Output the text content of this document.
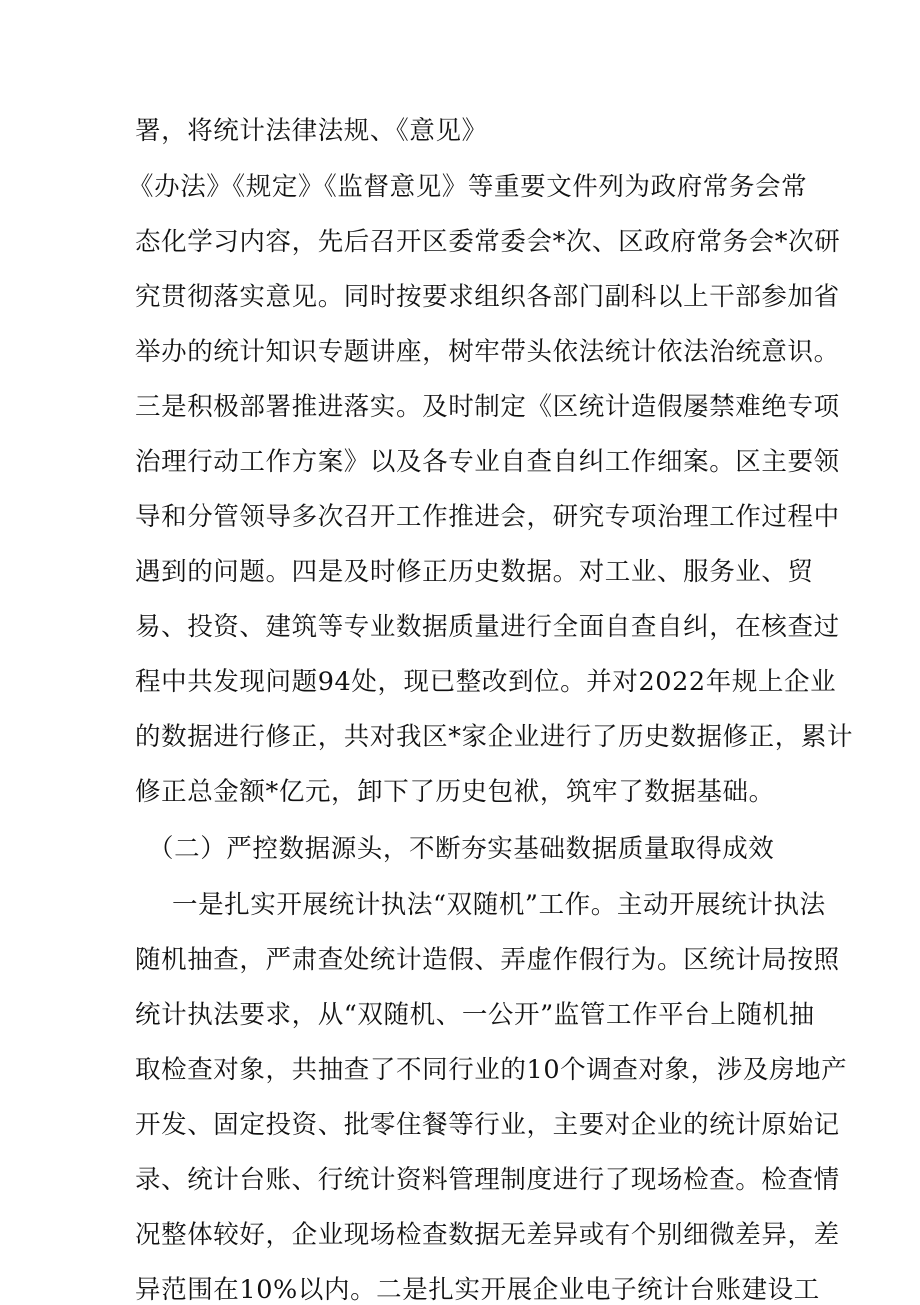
署，将统计法律法规、《意见》
《办法》《规定》《监督意见》等重要文件列为政府常务会常
态化学习内容，先后召开区委常委会*次、区政府常务会*次研
究贯彻落实意见。同时按要求组织各部门副科以上干部参加省
举办的统计知识专题讲座，树牢带头依法统计依法治统意识。
三是积极部署推进落实。及时制定《区统计造假屡禁难绝专项
治理行动工作方案》以及各专业自查自纠工作细案。区主要领
导和分管领导多次召开工作推进会，研究专项治理工作过程中
遇到的问题。四是及时修正历史数据。对工业、服务业、贸
易、投资、建筑等专业数据质量进行全面自查自纠，在核查过
程中共发现问题94处，现已整改到位。并对2022年规上企业
的数据进行修正，共对我区*家企业进行了历史数据修正，累计
修正总金额*亿元，卸下了历史包袱，筑牢了数据基础。
（二）严控数据源头，不断夯实基础数据质量取得成效
一是扎实开展统计执法“双随机”工作。主动开展统计执法
随机抽查，严肃查处统计造假、弄虚作假行为。区统计局按照
统计执法要求，从“双随机、一公开”监管工作平台上随机抽
取检查对象，共抽查了不同行业的10个调查对象，涉及房地产
开发、固定投资、批零住餐等行业，主要对企业的统计原始记
录、统计台账、行统计资料管理制度进行了现场检查。检查情
况整体较好，企业现场检查数据无差异或有个别细微差异，差
异范围在10%以内。二是扎实开展企业电子统计台账建设工
